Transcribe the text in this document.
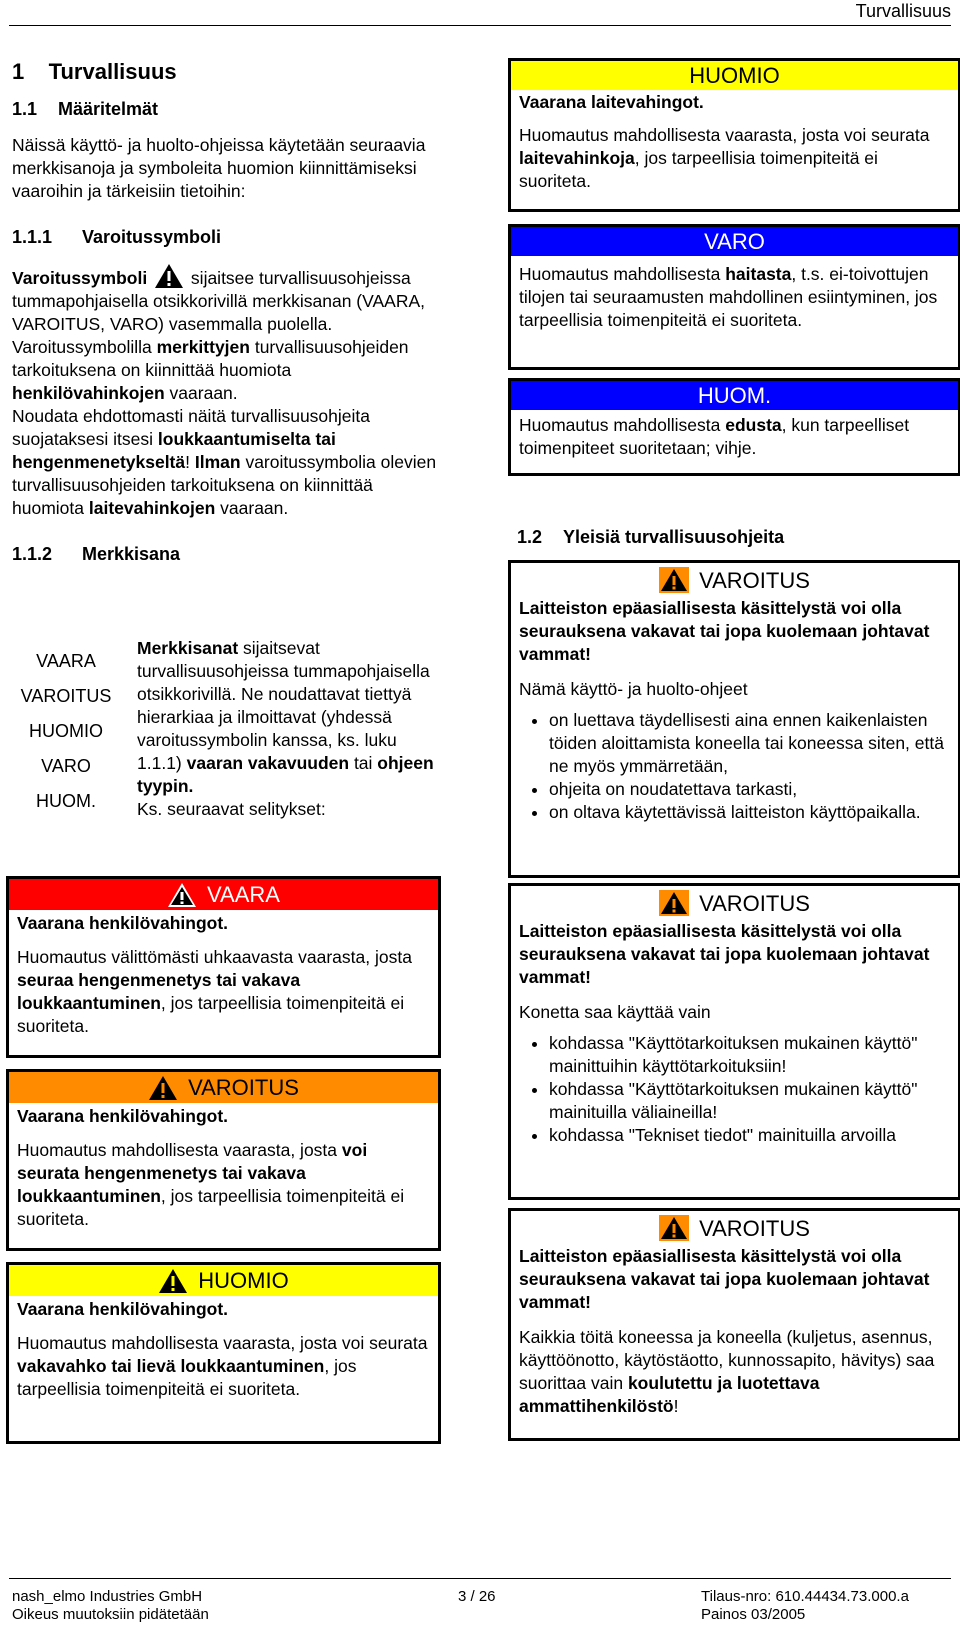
Turvallisuus
1    Turvallisuus
1.1 Määritelmät

Näissä käyttö- ja huolto-ohjeissa käytetään seuraavia merkkisanoja ja symboleita huomion kiinnittämiseksi vaaroihin ja tärkeisiin tietoihin:

1.1.1 Varoitussymboli

Varoitussymboli  sijaitsee turvallisuusohjeissa tummapohjaisella otsikkorivillä merkkisanan (VAARA, VAROITUS, VARO) vasemmalla puolella.

Varoitussymbolilla merkittyjen turvallisuusohjeiden tarkoituksena on kiinnittää huomiota henkilövahinkojen vaaraan.

Noudata ehdottomasti näitä turvallisuusohjeita suojataksesi itsesi loukkaantumiselta tai hengenmenetykseltä! Ilman varoitussymbolia olevien turvallisuusohjeiden tarkoituksena on kiinnittää huomiota laitevahinkojen vaaraan.

1.1.2 Merkkisana
VAARA
VAROITUS
HUOMIO
VARO
HUOM.

Merkkisanat sijaitsevat turvallisuusohjeissa tummapohjaisella otsikkorivillä. Ne noudattavat tiettyä hierarkiaa ja ilmoittavat (yhdessä varoitussymbolin kanssa, ks. luku 1.1.1) vaaran vakavuuden tai ohjeen tyypin.
Ks. seuraavat selitykset:

VAARA

Vaarana henkilövahingot.

Huomautus välittömästi uhkaavasta vaarasta, josta seuraa hengenmenetys tai vakava loukkaantuminen, jos tarpeellisia toimenpiteitä ei suoriteta.

VAROITUS

Vaarana henkilövahingot.

Huomautus mahdollisesta vaarasta, josta voi seurata hengenmenetys tai vakava loukkaantuminen, jos tarpeellisia toimenpiteitä ei suoriteta.

HUOMIO

Vaarana henkilövahingot.

Huomautus mahdollisesta vaarasta, josta voi seurata vakavahko tai lievä loukkaantuminen, jos tarpeellisia toimenpiteitä ei suoriteta.

HUOMIO

Vaarana laitevahingot.

Huomautus mahdollisesta vaarasta, josta voi seurata laitevahinkoja, jos tarpeellisia toimenpiteitä ei suoriteta.

VARO

Huomautus mahdollisesta haitasta, t.s. ei-toivottujen tilojen tai seuraamusten mahdollinen esiintyminen, jos tarpeellisia toimenpiteitä ei suoriteta.

HUOM.

Huomautus mahdollisesta edusta, kun tarpeelliset toimenpiteet suoritetaan; vihje.

1.2 Yleisiä turvallisuusohjeita
VAROITUS

Laitteiston epäasiallisesta käsittelystä voi olla seurauksena vakavat tai jopa kuolemaan johtavat vammat!

Nämä käyttö- ja huolto-ohjeet

• on luettava täydellisesti aina ennen kaikenlaisten töiden aloittamista koneella tai koneessa siten, että ne myös ymmärretään,
• ohjeita on noudatettava tarkasti,
• on oltava käytettävissä laitteiston käyttöpaikalla.
VAROITUS

Laitteiston epäasiallisesta käsittelystä voi olla seurauksena vakavat tai jopa kuolemaan johtavat vammat!

Konetta saa käyttää vain

• kohdassa "Käyttötarkoituksen mukainen käyttö" mainittuihin käyttötarkoituksiin!
• kohdassa "Käyttötarkoituksen mukainen käyttö" mainituilla väliaineilla!
• kohdassa "Tekniset tiedot" mainituilla arvoilla
VAROITUS

Laitteiston epäasiallisesta käsittelystä voi olla seurauksena vakavat tai jopa kuolemaan johtavat vammat!

Kaikkia töitä koneessa ja koneella (kuljetus, asennus, käyttöönotto, käytöstäotto, kunnossapito, hävitys) saa suorittaa vain koulutettu ja luotettava ammattihenkilöstö!

nash_elmo Industries GmbH
Oikeus muutoksiin pidätetään
3 / 26	Tilaus-nro: 610.44434.73.000.a
Painos 03/2005
